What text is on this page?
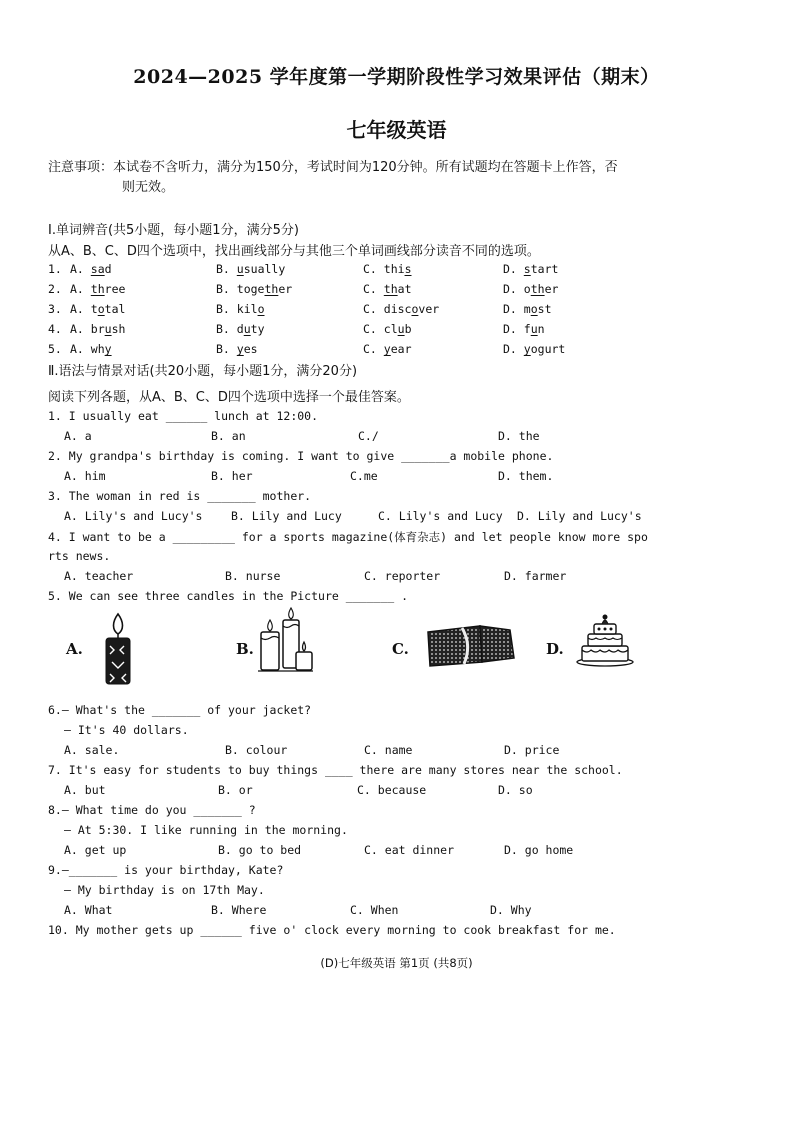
2024—2025 学年度第一学期阶段性学习效果评估（期末）
七年级英语
注意事项：本试卷不含听力，满分为150分，考试时间为120分钟。所有试题均在答题卡上作答，否
则无效。
Ⅰ.单词辨音(共5小题，每小题1分，满分5分)
从A、B、C、D四个选项中，找出画线部分与其他三个单词画线部分读音不同的选项。
1. A. sad	B. usually	C. this	D. start
2. A. three	B. together	C. that	D. other
3. A. total	B. kilo	C. discover	D. most
4. A. brush	B. duty	C. club	D. fun
5. A. why	B. yes	C. year	D. yogurt
Ⅱ.语法与情景对话(共20小题，每小题1分，满分20分)
阅读下列各题，从A、B、C、D四个选项中选择一个最佳答案。
1. I usually eat ______ lunch at 12:00.
A. a	B. an	C./	D. the
2. My grandpa's birthday is coming. I want to give _______a mobile phone.
A. him	B. her	C.me	D. them.
3. The woman in red is _______ mother.
A. Lily's and Lucy's B. Lily and Lucy	C. Lily's and Lucy D. Lily and Lucy's
4. I want to be a _________ for a sports magazine(体育杂志) and let people know more spo
rts news.
A. teacher	B. nurse	C. reporter	D. farmer
5. We can see three candles in the Picture _______ .
A.	B.	C.	D.
6.— What's the _______ of your jacket?
— It's 40 dollars.
A. sale.	B. colour	C. name	D. price
7. It's easy for students to buy things ____ there are many stores near the school.
A. but	B. or	C. because	D. so
8.— What time do you _______ ?
— At 5:30. I like running in the morning.
A. get up	B. go to bed	C. eat dinner	D. go home
9.—_______ is your birthday, Kate?
— My birthday is on 17th May.
A. What	B. Where	C. When	D. Why
10. My mother gets up ______ five o' clock every morning to cook breakfast for me.
(D)七年级英语 第1页 (共8页)
